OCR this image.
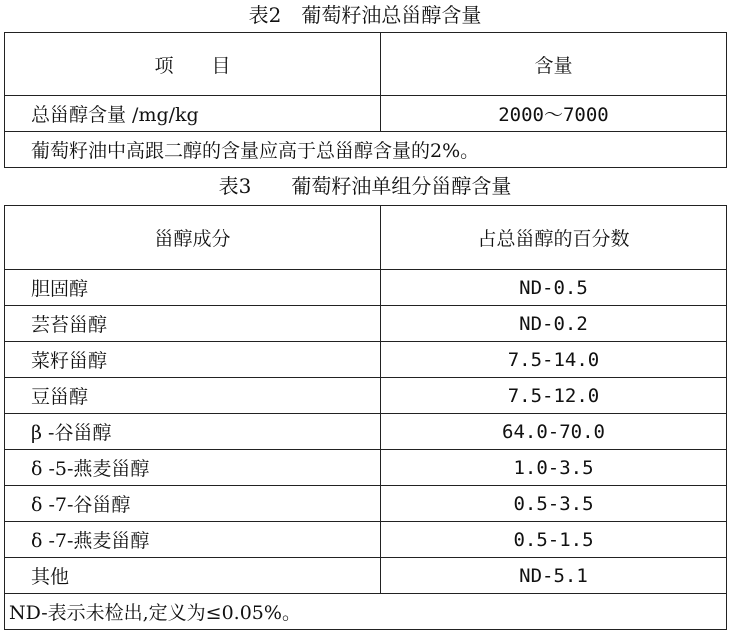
表2　葡萄籽油总甾醇含量
项　　目	含量
总甾醇含量 /mg/kg	2000～7000
葡萄籽油中高跟二醇的含量应高于总甾醇含量的2%。	
表3　　葡萄籽油单组分甾醇含量
甾醇成分	占总甾醇的百分数
胆固醇	ND-0.5
芸苔甾醇	ND-0.2
菜籽甾醇	7.5-14.0
豆甾醇	7.5-12.0
β -谷甾醇	64.0-70.0
δ -5-燕麦甾醇	1.0-3.5
δ -7-谷甾醇	0.5-3.5
δ -7-燕麦甾醇	0.5-1.5
其他	ND-5.1
ND-表示未检出,定义为≤0.05%。	
